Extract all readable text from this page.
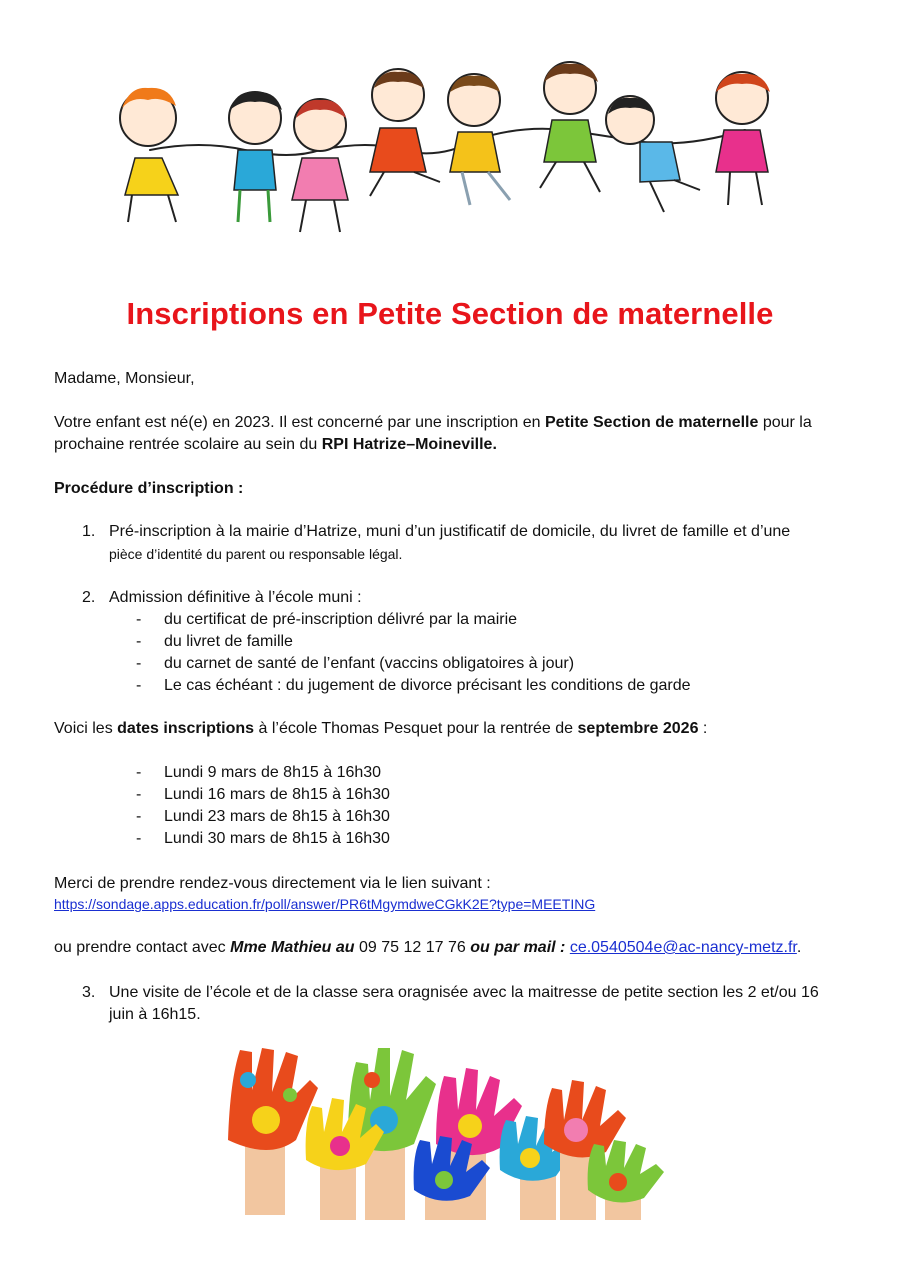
Inscriptions en Petite Section de maternelle
Madame, Monsieur,
Votre enfant est né(e) en 2023. Il est concerné par une inscription en Petite Section de maternelle pour la
prochaine rentrée scolaire au sein du RPI Hatrize–Moineville.
Procédure d’inscription :
1. Pré-inscription à la mairie d’Hatrize, muni d’un justificatif de domicile, du livret de famille et d’une
pièce d’identité du parent ou responsable légal.
2. Admission définitive à l’école muni :
- du certificat de pré-inscription délivré par la mairie
- du livret de famille
- du carnet de santé de l’enfant (vaccins obligatoires à jour)
- Le cas échéant : du jugement de divorce précisant les conditions de garde
Voici les dates inscriptions à l’école Thomas Pesquet pour la rentrée de septembre 2026 :
- Lundi 9 mars de 8h15 à 16h30
- Lundi 16 mars de 8h15 à 16h30
- Lundi 23 mars de 8h15 à 16h30
- Lundi 30 mars de 8h15 à 16h30
Merci de prendre rendez-vous directement via le lien suivant :
https://sondage.apps.education.fr/poll/answer/PR6tMgymdweCGkK2E?type=MEETING
ou prendre contact avec Mme Mathieu au 09 75 12 17 76 ou par mail : ce.0540504e@ac-nancy-metz.fr.
3. Une visite de l’école et de la classe sera oragnisée avec la maitresse de petite section les 2 et/ou 16
juin à 16h15.
